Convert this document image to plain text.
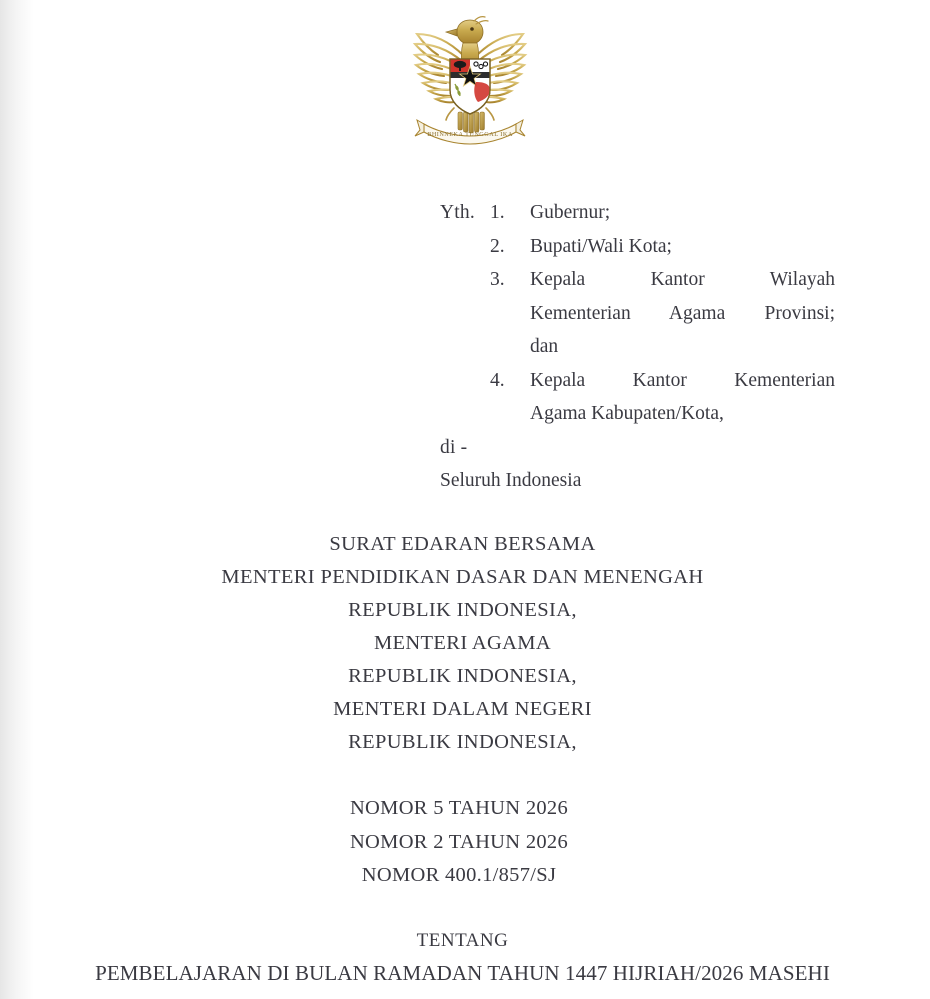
BHINNEKA TUNGGAL IKA
Yth. 1.	Gubernur;
2.	Bupati/Wali Kota;
3.	Kepala Kantor Wilayah
Kementerian Agama Provinsi;
dan
4.	Kepala Kantor Kementerian
Agama Kabupaten/Kota,
di -
Seluruh Indonesia
SURAT EDARAN BERSAMA
MENTERI PENDIDIKAN DASAR DAN MENENGAH
REPUBLIK INDONESIA,
MENTERI AGAMA
REPUBLIK INDONESIA,
MENTERI DALAM NEGERI
REPUBLIK INDONESIA,
NOMOR 5 TAHUN 2026
NOMOR 2 TAHUN 2026
NOMOR 400.1/857/SJ
TENTANG
PEMBELAJARAN DI BULAN RAMADAN TAHUN 1447 HIJRIAH/2026 MASEHI
